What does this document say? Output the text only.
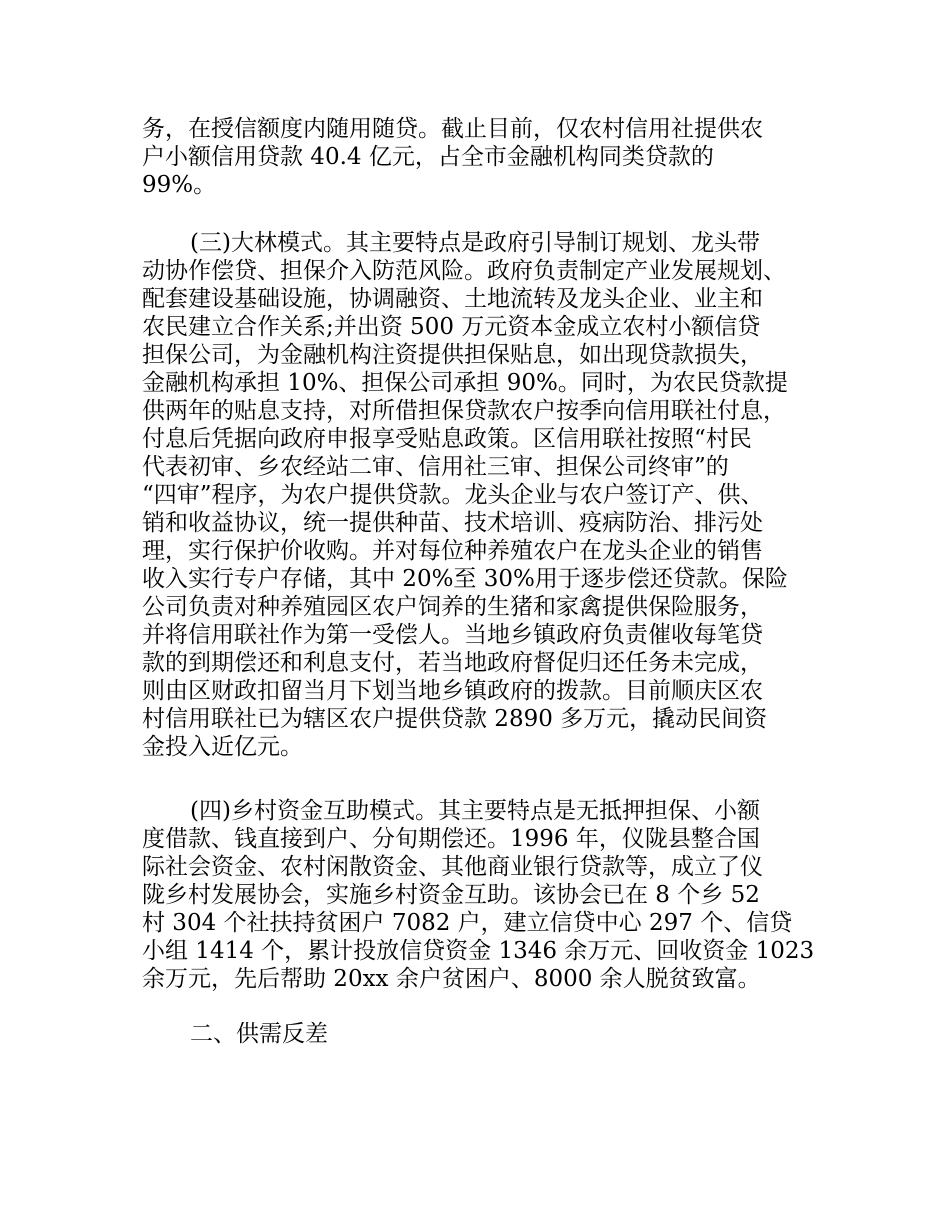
务，在授信额度内随用随贷。截止目前，仅农村信用社提供农
户小额信用贷款 40.4 亿元，占全市金融机构同类贷款的
99%。
(三)大林模式。其主要特点是政府引导制订规划、龙头带
动协作偿贷、担保介入防范风险。政府负责制定产业发展规划、
配套建设基础设施，协调融资、土地流转及龙头企业、业主和
农民建立合作关系;并出资 500 万元资本金成立农村小额信贷
担保公司，为金融机构注资提供担保贴息，如出现贷款损失，
金融机构承担 10%、担保公司承担 90%。同时，为农民贷款提
供两年的贴息支持，对所借担保贷款农户按季向信用联社付息，
付息后凭据向政府申报享受贴息政策。区信用联社按照“村民
代表初审、乡农经站二审、信用社三审、担保公司终审”的
“四审”程序，为农户提供贷款。龙头企业与农户签订产、供、
销和收益协议，统一提供种苗、技术培训、疫病防治、排污处
理，实行保护价收购。并对每位种养殖农户在龙头企业的销售
收入实行专户存储，其中 20%至 30%用于逐步偿还贷款。保险
公司负责对种养殖园区农户饲养的生猪和家禽提供保险服务，
并将信用联社作为第一受偿人。当地乡镇政府负责催收每笔贷
款的到期偿还和利息支付，若当地政府督促归还任务未完成，
则由区财政扣留当月下划当地乡镇政府的拨款。目前顺庆区农
村信用联社已为辖区农户提供贷款 2890 多万元，撬动民间资
金投入近亿元。
(四)乡村资金互助模式。其主要特点是无抵押担保、小额
度借款、钱直接到户、分旬期偿还。1996 年，仪陇县整合国
际社会资金、农村闲散资金、其他商业银行贷款等，成立了仪
陇乡村发展协会，实施乡村资金互助。该协会已在 8 个乡 52
村 304 个社扶持贫困户 7082 户，建立信贷中心 297 个、信贷
小组 1414 个，累计投放信贷资金 1346 余万元、回收资金 1023
余万元，先后帮助 20xx 余户贫困户、8000 余人脱贫致富。
二、供需反差
